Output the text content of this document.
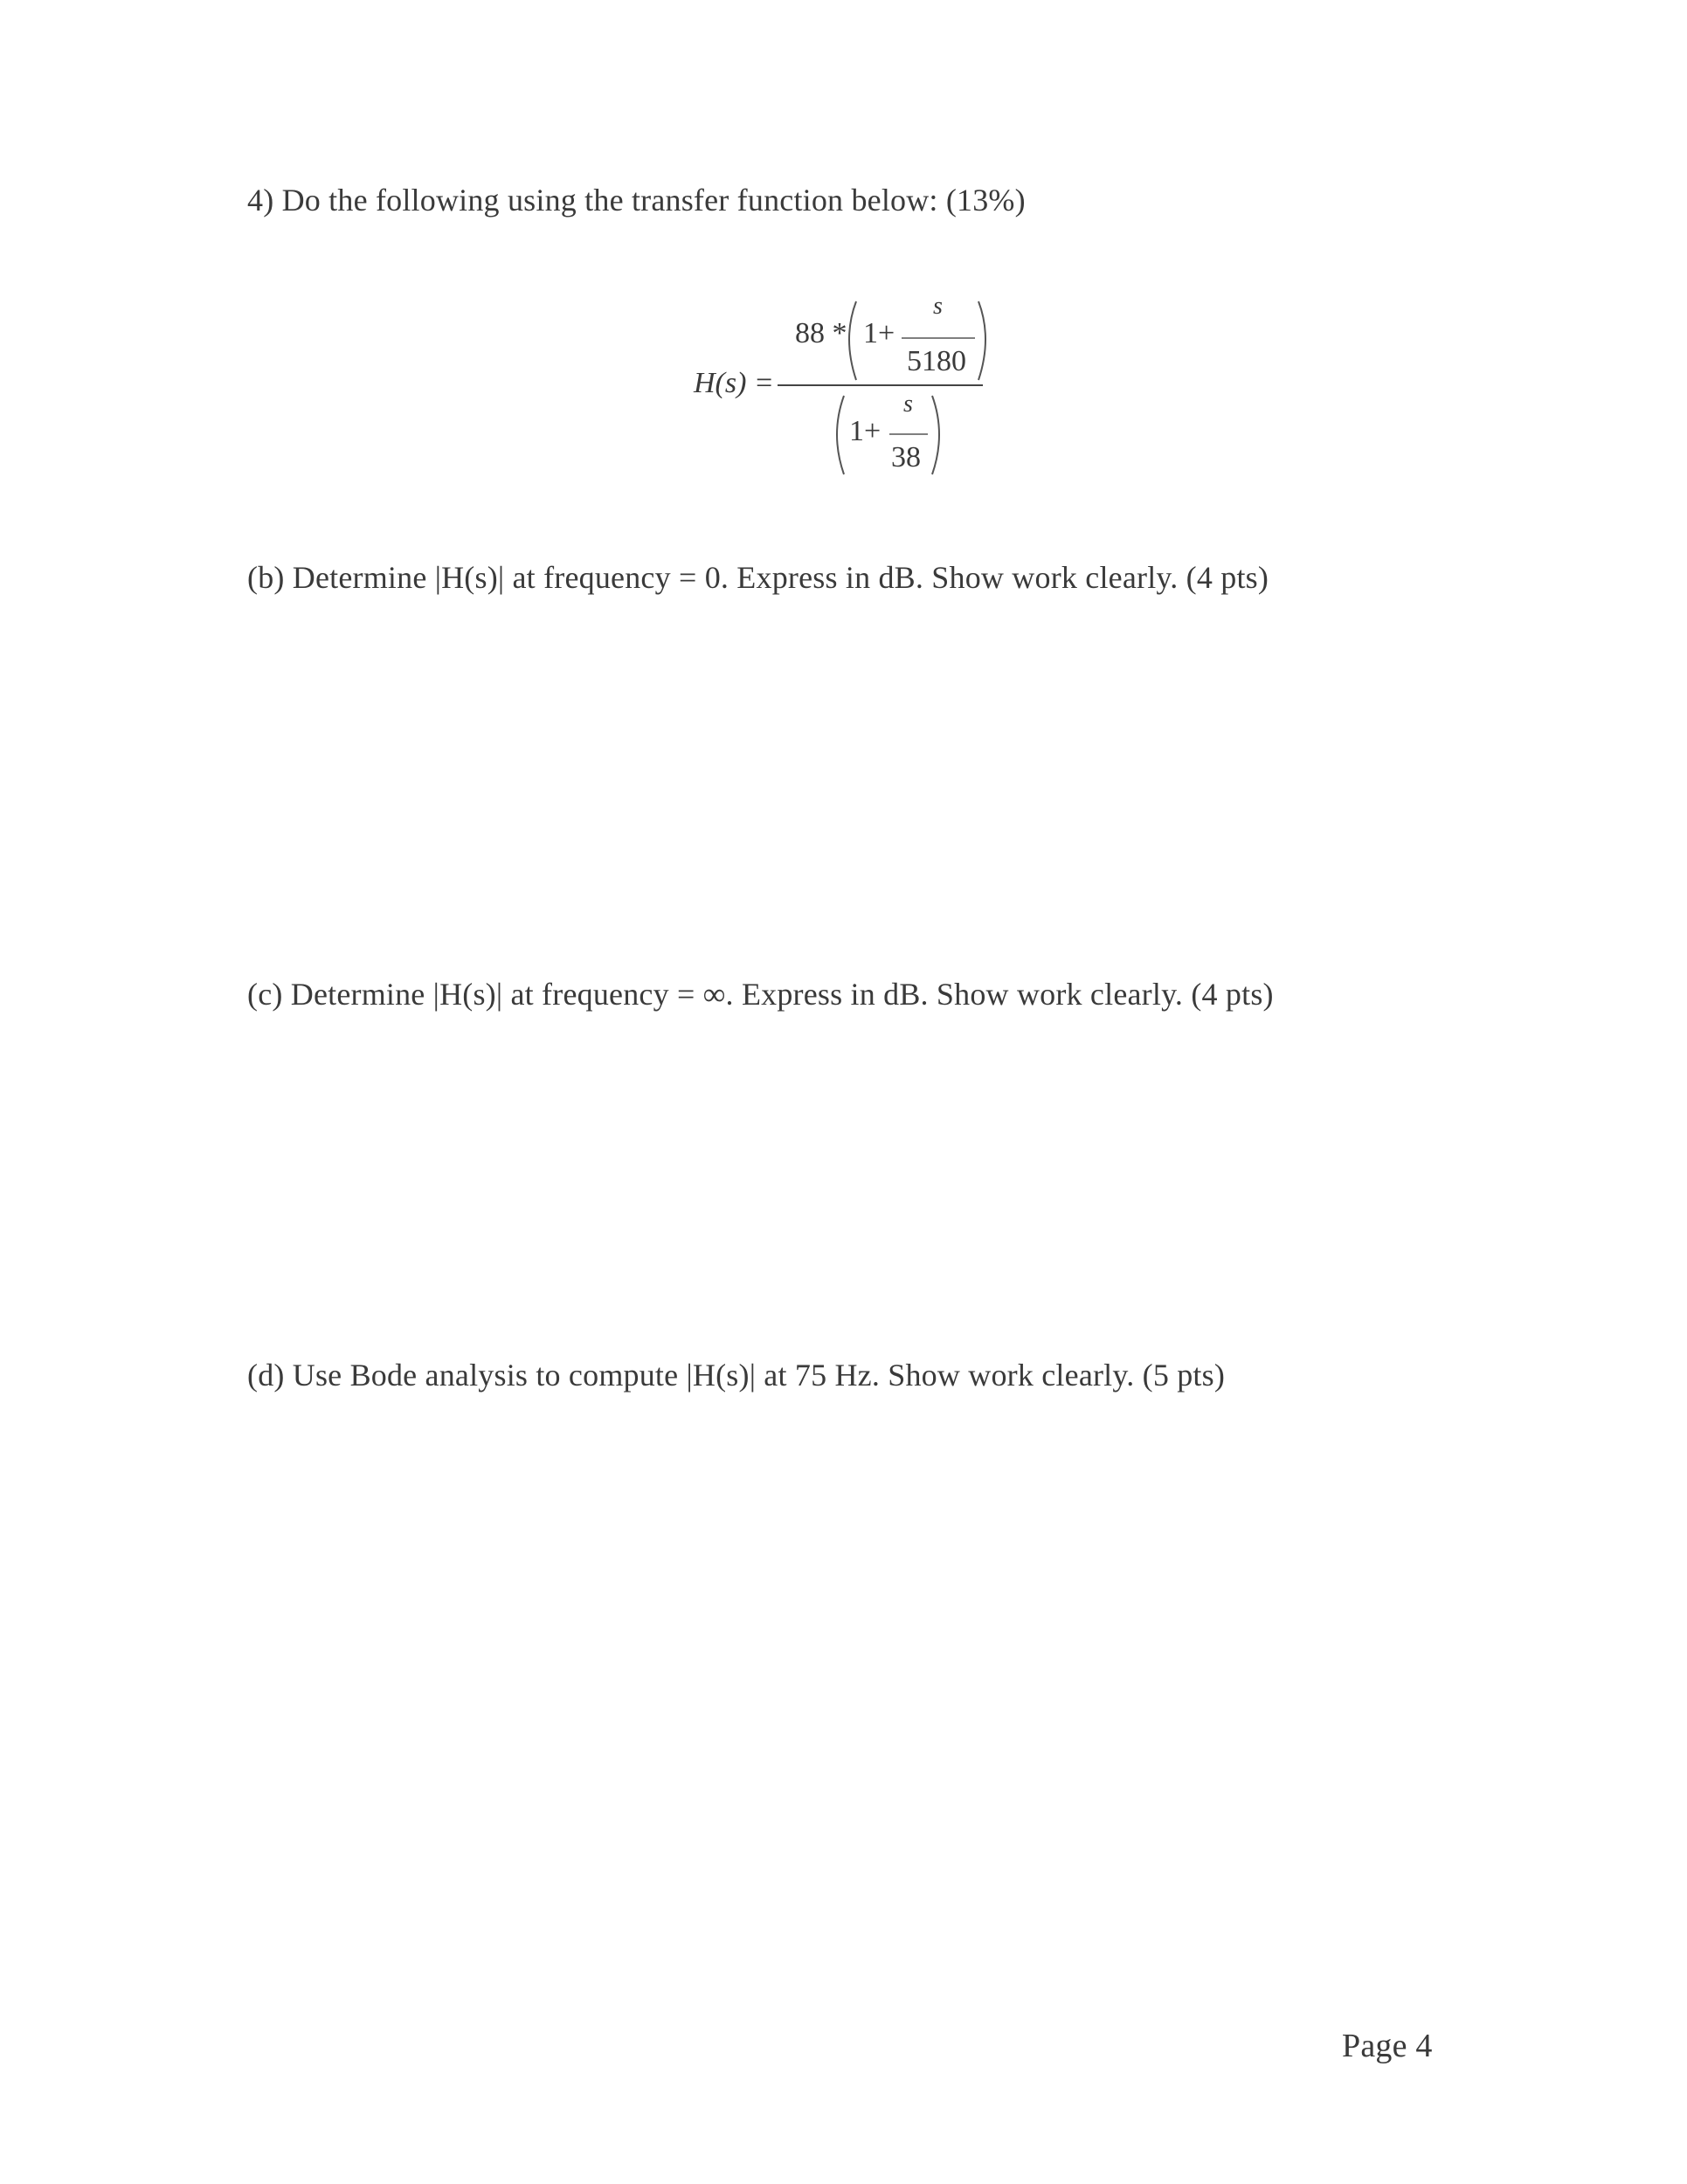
4) Do the following using the transfer function below: (13%)
H(s) =
88 * 1+
s
5180
1+
s
38
(b) Determine |H(s)| at frequency = 0. Express in dB. Show work clearly. (4 pts)
(c) Determine |H(s)| at frequency = ∞. Express in dB. Show work clearly. (4 pts)
(d) Use Bode analysis to compute |H(s)| at 75 Hz. Show work clearly. (5 pts)
Page 4
